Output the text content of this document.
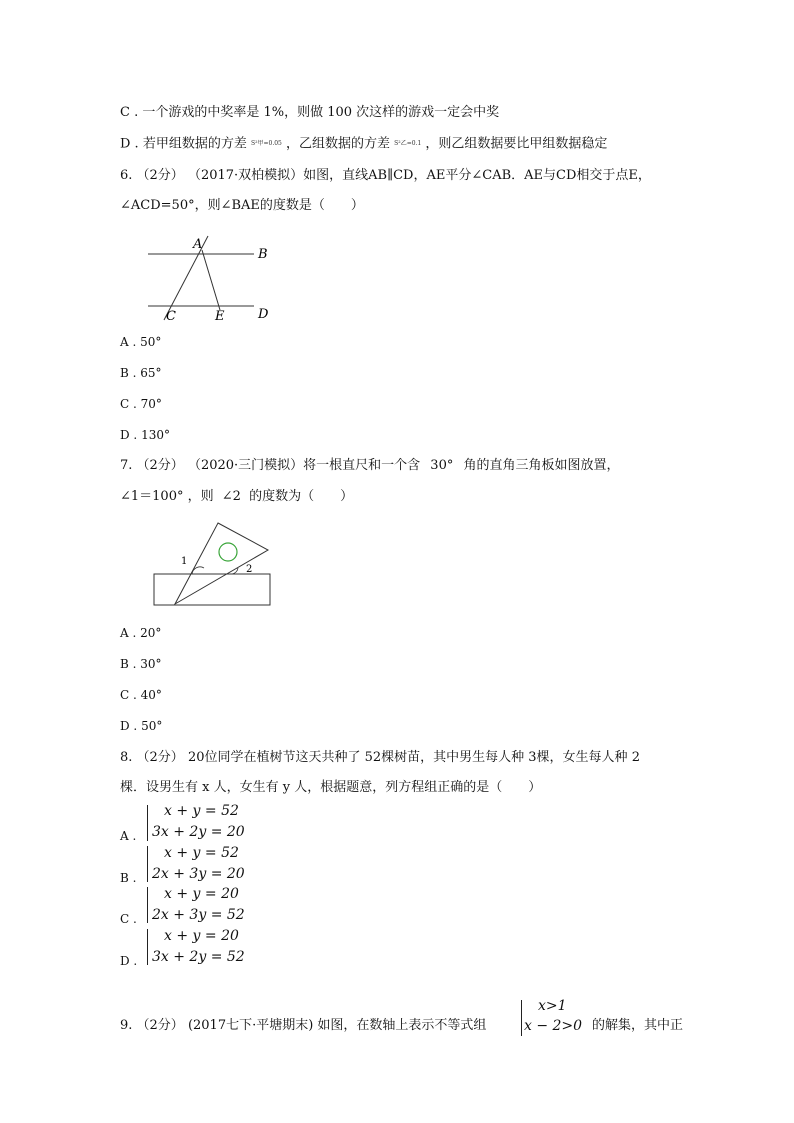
C . 一个游戏的中奖率是 1%，则做 100 次这样的游戏一定会中奖
D . 若甲组数据的方差 S²甲=0.05 ，乙组数据的方差 S²乙=0.1 ，则乙组数据要比甲组数据稳定
6. （2分） （2017·双柏模拟）如图，直线AB∥CD，AE平分∠CAB．AE与CD相交于点E，
∠ACD=50°，则∠BAE的度数是（　　）
A
B
C	E	D
A . 50°
B . 65°
C . 70°
D . 130°
7. （2分） （2020·三门模拟）将一根直尺和一个含 30° 角的直角三角板如图放置，
∠1＝100° ，则 ∠2 的度数为（　　）
1
2
A . 20°
B . 30°
C . 40°
D . 50°
8. （2分） 20位同学在植树节这天共种了 52棵树苗，其中男生每人种 3棵，女生每人种 2
棵．设男生有 x 人，女生有 y 人，根据题意，列方程组正确的是（　　）
x + y = 52
3x + 2y = 20
A .
x + y = 52
2x + 3y = 20
B .
x + y = 20
2x + 3y = 52
C .
x + y = 20
3x + 2y = 52
D .
9. （2分） (2017七下·平塘期末) 如图，在数轴上表示不等式组
x>1
x − 2>0 的解集，其中正
